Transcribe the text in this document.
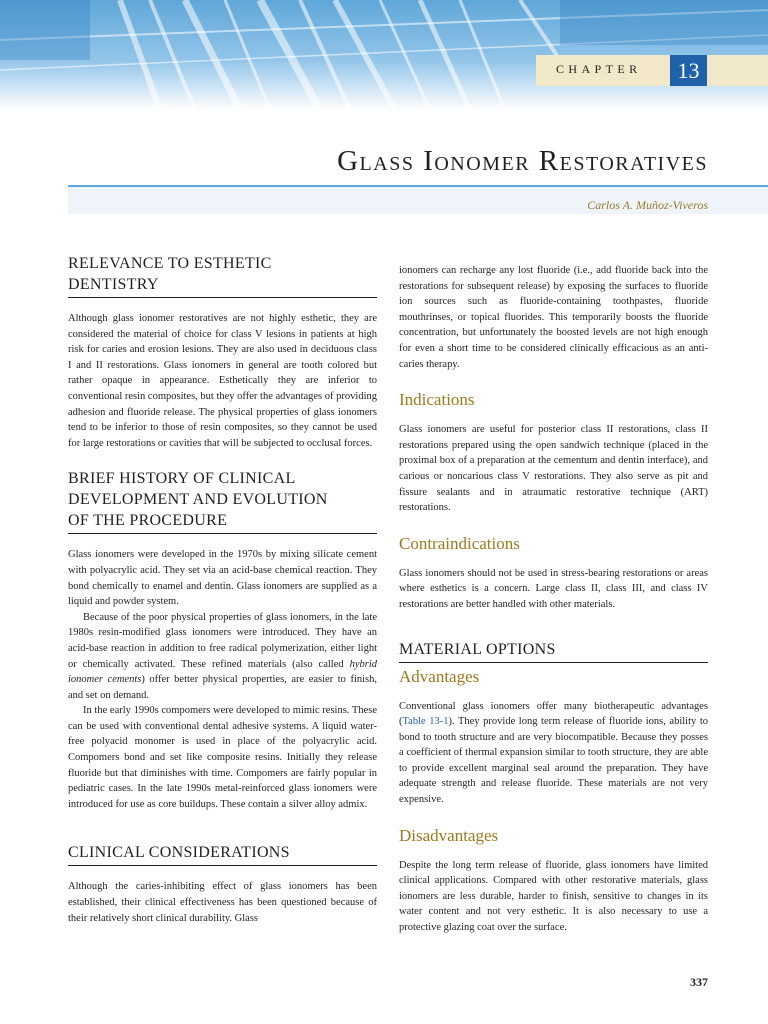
CHAPTER	13
Glass Ionomer Restoratives
Carlos A. Muñoz-Viveros
RELEVANCE TO ESTHETIC
DENTISTRY

Although glass ionomer restoratives are not highly esthetic, they are considered the material of choice for class V lesions in patients at high risk for caries and erosion lesions. They are also used in deciduous class I and II restorations. Glass ionomers in general are tooth colored but rather opaque in appearance. Esthetically they are inferior to conventional resin composites, but they offer the advantages of providing adhesion and fluoride release. The physical properties of glass ionomers tend to be inferior to those of resin composites, so they cannot be used for large restorations or cavities that will be subjected to occlusal forces.

BRIEF HISTORY OF CLINICAL
DEVELOPMENT AND EVOLUTION
OF THE PROCEDURE

Glass ionomers were developed in the 1970s by mixing silicate cement with polyacrylic acid. They set via an acid-base chemical reaction. They bond chemically to enamel and dentin. Glass ionomers are supplied as a liquid and powder system.

Because of the poor physical properties of glass ionomers, in the late 1980s resin-modified glass ionomers were introduced. They have an acid-base reaction in addition to free radical polymerization, either light or chemically activated. These refined materials (also called hybrid ionomer cements) offer better physical properties, are easier to finish, and set on demand.

In the early 1990s compomers were developed to mimic resins. These can be used with conventional dental adhesive systems. A liquid water-free polyacid monomer is used in place of the polyacrylic acid. Compomers bond and set like composite resins. Initially they release fluoride but that diminishes with time. Compomers are fairly popular in pediatric cases. In the late 1990s metal-reinforced glass ionomers were introduced for use as core buildups. These contain a silver alloy admix.

CLINICAL CONSIDERATIONS

Although the caries-inhibiting effect of glass ionomers has been established, their clinical effectiveness has been questioned because of their relatively short clinical durability. Glass

ionomers can recharge any lost fluoride (i.e., add fluoride back into the restorations for subsequent release) by exposing the surfaces to fluoride ion sources such as fluoride-containing toothpastes, fluoride mouthrinses, or topical fluorides. This temporarily boosts the fluoride concentration, but unfortunately the boosted levels are not high enough for even a short time to be considered clinically efficacious as an anti-caries therapy.

Indications

Glass ionomers are useful for posterior class II restorations, class II restorations prepared using the open sandwich technique (placed in the proximal box of a preparation at the cementum and dentin interface), and carious or noncarious class V restorations. They also serve as pit and fissure sealants and in atraumatic restorative technique (ART) restorations.

Contraindications

Glass ionomers should not be used in stress-bearing restorations or areas where esthetics is a concern. Large class II, class III, and class IV restorations are better handled with other materials.

MATERIAL OPTIONS
Advantages

Conventional glass ionomers offer many biotherapeutic advantages (Table 13-1). They provide long term release of fluoride ions, ability to bond to tooth structure and are very biocompatible. Because they posses a coefficient of thermal expansion similar to tooth structure, they are able to provide excellent marginal seal around the preparation. They have adequate strength and release fluoride. These materials are not very expensive.

Disadvantages

Despite the long term release of fluoride, glass ionomers have limited clinical applications. Compared with other restorative materials, glass ionomers are less durable, harder to finish, sensitive to changes in its water content and not very esthetic. It is also necessary to use a protective glazing coat over the surface.

337
